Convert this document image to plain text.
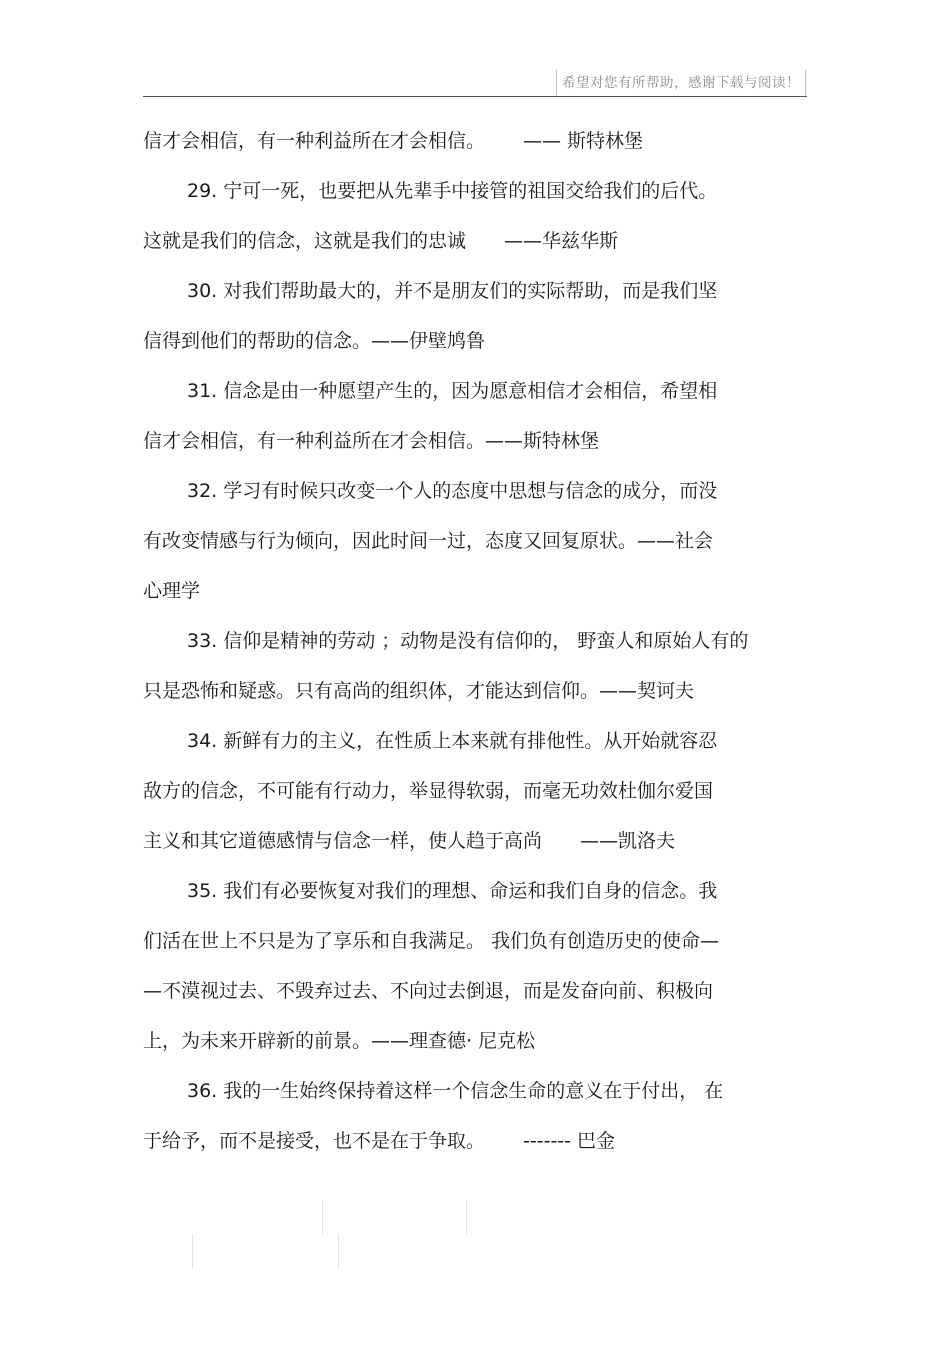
希望对您有所帮助，感谢下载与阅读！
信才会相信，有一种利益所在才会相信。 —— 斯特林堡
29. 宁可一死，也要把从先辈手中接管的祖国交给我们的后代。
这就是我们的信念，这就是我们的忠诚 ——华兹华斯
30. 对我们帮助最大的，并不是朋友们的实际帮助，而是我们坚
信得到他们的帮助的信念。——伊壁鸠鲁
31. 信念是由一种愿望产生的，因为愿意相信才会相信，希望相
信才会相信，有一种利益所在才会相信。——斯特林堡
32. 学习有时候只改变一个人的态度中思想与信念的成分，而没
有改变情感与行为倾向，因此时间一过，态度又回复原状。——社会
心理学
33. 信仰是精神的劳动 ；动物是没有信仰的， 野蛮人和原始人有的
只是恐怖和疑惑。只有高尚的组织体，才能达到信仰。——契诃夫
34. 新鲜有力的主义，在性质上本来就有排他性。从开始就容忍
敌方的信念，不可能有行动力，举显得软弱，而毫无功效杜伽尔爱国
主义和其它道德感情与信念一样，使人趋于高尚 ——凯洛夫
35. 我们有必要恢复对我们的理想、命运和我们自身的信念。我
们活在世上不只是为了享乐和自我满足。 我们负有创造历史的使命—
—不漠视过去、不毁弃过去、不向过去倒退，而是发奋向前、积极向
上，为未来开辟新的前景。——理查德· 尼克松
36. 我的一生始终保持着这样一个信念生命的意义在于付出， 在
于给予，而不是接受，也不是在于争取。 ------- 巴金
